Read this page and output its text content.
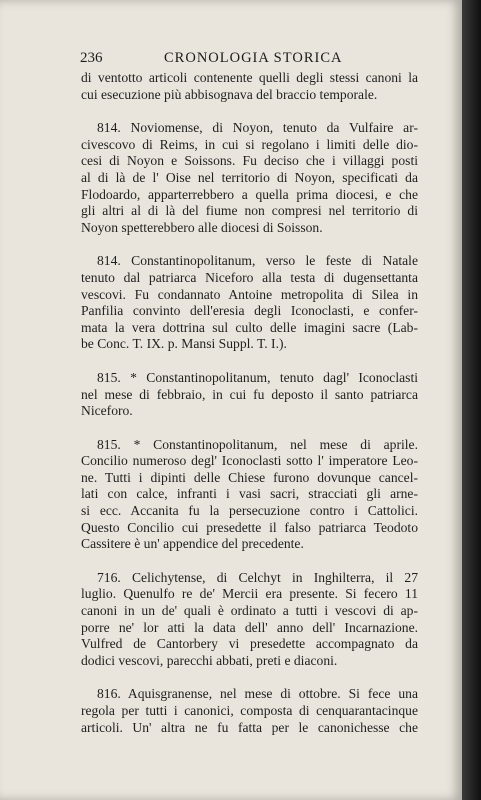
236	CRONOLOGIA STORICA
di ventotto articoli contenente quelli degli stessi canoni la
cui esecuzione più abbisognava del braccio temporale.
814. Noviomense, di Noyon, tenuto da Vulfaire ar-
civescovo di Reims, in cui si regolano i limiti delle dio-
cesi di Noyon e Soissons. Fu deciso che i villaggi posti
al di là de l' Oise nel territorio di Noyon, specificati da
Flodoardo, apparterrebbero a quella prima diocesi, e che
gli altri al di là del fiume non compresi nel territorio di
Noyon spetterebbero alle diocesi di Soisson.
814. Constantinopolitanum, verso le feste di Natale
tenuto dal patriarca Niceforo alla testa di dugensettanta
vescovi. Fu condannato Antoine metropolita di Silea in
Panfilia convinto dell'eresia degli Iconoclasti, e confer-
mata la vera dottrina sul culto delle imagini sacre (Lab-
be Conc. T. IX. p. Mansi Suppl. T. I.).
815. * Constantinopolitanum, tenuto dagl' Iconoclasti
nel mese di febbraio, in cui fu deposto il santo patriarca
Niceforo.
815. * Constantinopolitanum, nel mese di aprile.
Concilio numeroso degl' Iconoclasti sotto l' imperatore Leo-
ne. Tutti i dipinti delle Chiese furono dovunque cancel-
lati con calce, infranti i vasi sacri, stracciati gli arne-
si ecc. Accanita fu la persecuzione contro i Cattolici.
Questo Concilio cui presedette il falso patriarca Teodoto
Cassitere è un' appendice del precedente.
716. Celichytense, di Celchyt in Inghilterra, il 27
luglio. Quenulfo re de' Mercii era presente. Si fecero 11
canoni in un de' quali è ordinato a tutti i vescovi di ap-
porre ne' lor atti la data dell' anno dell' Incarnazione.
Vulfred de Cantorbery vi presedette accompagnato da
dodici vescovi, parecchi abbati, preti e diaconi.
816. Aquisgranense, nel mese di ottobre. Si fece una
regola per tutti i canonici, composta di cenquarantacinque
articoli. Un' altra ne fu fatta per le canonichesse che
